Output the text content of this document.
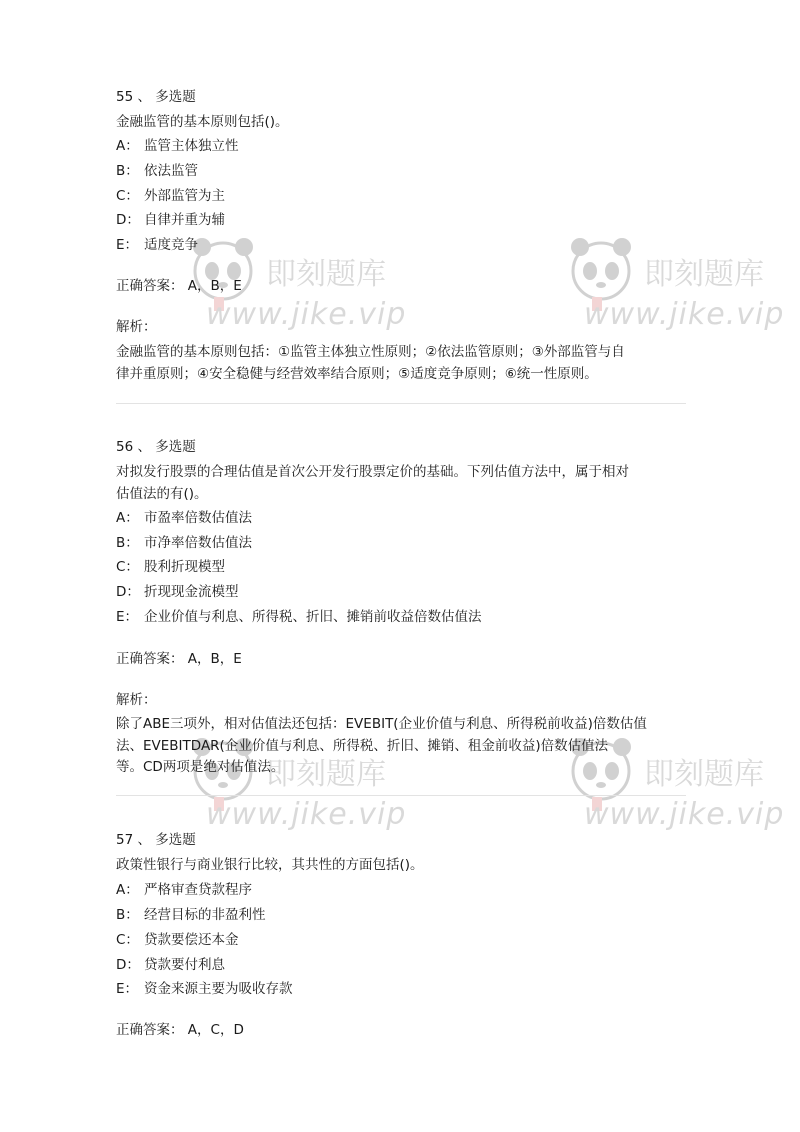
即刻题库
www.jike.vip
即刻题库
www.jike.vip
即刻题库
www.jike.vip
即刻题库
www.jike.vip
55 、 多选题
金融监管的基本原则包括()。
A： 监管主体独立性
B： 依法监管
C： 外部监管为主
D： 自律并重为辅
E： 适度竞争
正确答案： A，B，E
解析：
金融监管的基本原则包括：①监管主体独立性原则；②依法监管原则；③外部监管与自
律并重原则；④安全稳健与经营效率结合原则；⑤适度竞争原则；⑥统一性原则。
56 、 多选题
对拟发行股票的合理估值是首次公开发行股票定价的基础。下列估值方法中，属于相对
估值法的有()。
A： 市盈率倍数估值法
B： 市净率倍数估值法
C： 股利折现模型
D： 折现现金流模型
E： 企业价值与利息、所得税、折旧、摊销前收益倍数估值法
正确答案： A，B，E
解析：
除了ABE三项外，相对估值法还包括：EVEBIT(企业价值与利息、所得税前收益)倍数估值
法、EVEBITDAR(企业价值与利息、所得税、折旧、摊销、租金前收益)倍数估值法
等。CD两项是绝对估值法。
57 、 多选题
政策性银行与商业银行比较，其共性的方面包括()。
A： 严格审查贷款程序
B： 经营目标的非盈利性
C： 贷款要偿还本金
D： 贷款要付利息
E： 资金来源主要为吸收存款
正确答案： A，C，D
